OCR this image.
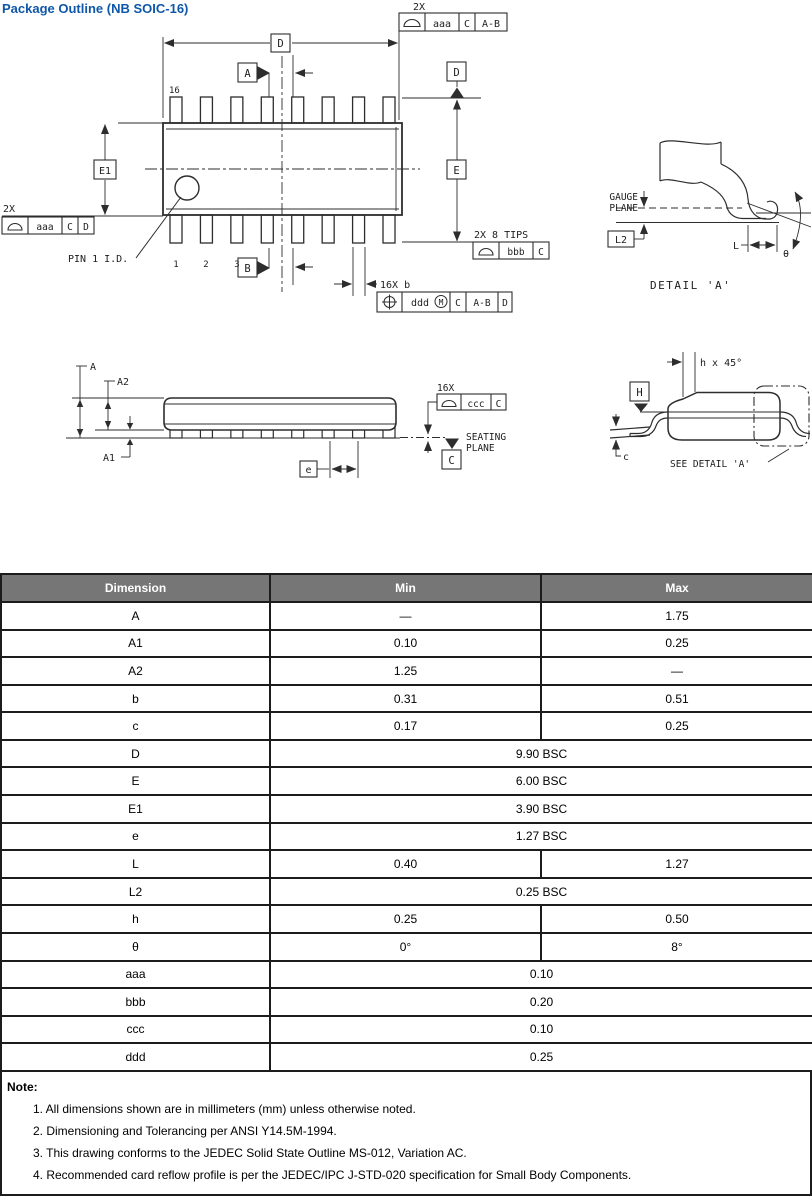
Package Outline (NB SOIC-16)
16
1	2	3
PIN 1 I.D.
D
2X
aaa C A-B
A
E1
2X
aaa C D
D
E
B
2X 8 TIPS
bbb C
16X b
ddd M C A-B D
GAUGE
PLANE
L2
L
θ
DETAIL 'A'
A
A2
A1
16X
ccc C
C
SEATING
PLANE
e
h x 45°
H
c
SEE DETAIL 'A'
Dimension	Min	Max
A	—	1.75
A1	0.10	0.25
A2	1.25	—
b	0.31	0.51
c	0.17	0.25
D	9.90 BSC	
E	6.00 BSC	
E1	3.90 BSC	
e	1.27 BSC	
L	0.40	1.27
L2	0.25 BSC	
h	0.25	0.50
θ	0°	8°
aaa	0.10	
bbb	0.20	
ccc	0.10	
ddd	0.25	
Note:
1. All dimensions shown are in millimeters (mm) unless otherwise noted.
2. Dimensioning and Tolerancing per ANSI Y14.5M-1994.
3. This drawing conforms to the JEDEC Solid State Outline MS-012, Variation AC.
4. Recommended card reflow profile is per the JEDEC/IPC J-STD-020 specification for Small Body Components.
